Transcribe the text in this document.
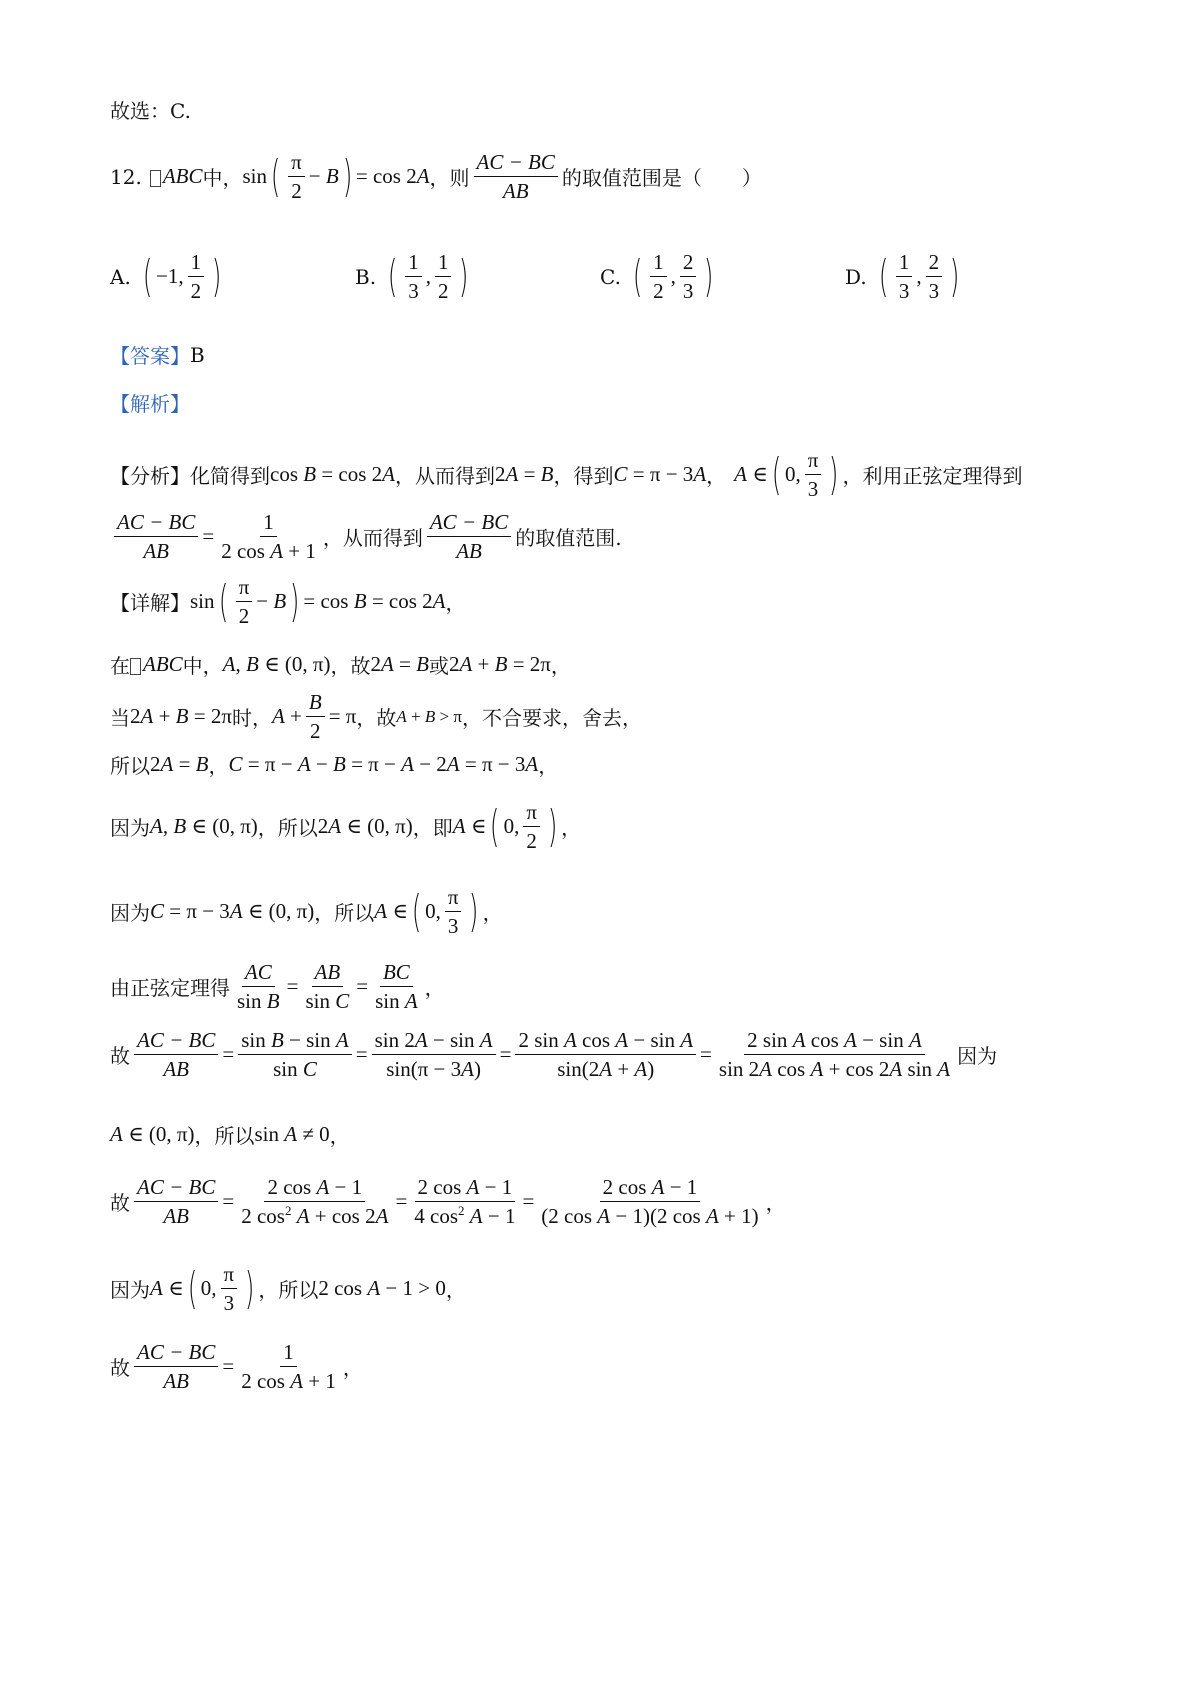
故选：C.
12.	ABC 中， sin ( $\frac{\pi}{2} - B$ ) = cos 2 A ， 则 $\frac{AC - BC}{AB}$ 的取值范围是（　　）
A. ( −1, $\frac{1}{2}$ )	B. ( $\frac{1}{3}$ , $\frac{1}{2}$ )	C. ( $\frac{1}{2}$ , $\frac{2}{3}$ )	D. ( $\frac{1}{3}$ , $\frac{2}{3}$ )
【答案】 B
【解析】
【分析】 化简得到 cos B = cos 2A ，从而得到 2A = B ，得到 C = π − 3A ， A ∈ ( 0, $\frac{\pi}{3}$ ) ，利用正弦定理得到
$\frac{AC - BC}{AB} = \frac{1}{\text{2 cos A + 1}}$ ，从而得到 $\frac{AC - BC}{AB}$ 的取值范围.
【详解】 sin ( $\frac{\pi}{2} - B$ ) = cos B = cos 2 A ，
在 ABC 中， A, B ∈ (0, π) ，故 2A = B 或 2A + B = 2π ，
当 2A + B = 2π 时， $A + \frac{B}{2} = \pi$ ，故 A + B > π ，不合要求，舍去，
所以 2A = B ， C = π − A − B = π − A − 2A = π − 3A ，
因为 A, B ∈ (0, π) ，所以 2A ∈ (0, π) ，即 A ∈ ( 0, $\frac{\pi}{2}$ ) ，
因为 C = π − 3A ∈ (0, π) ，所以 A ∈ ( 0, $\frac{\pi}{3}$ ) ，
由正弦定理得 $\frac{AC}{\text{sin B}} = \frac{AB}{\text{sin C}} = \frac{BC}{\text{sin A}}$ ，
故 $\frac{AC - BC}{AB} = \frac{\text{sin B − sin A}}{\text{sin C}} = \frac{\text{sin 2A − sin A}}{\sin(\pi - 3A)} = \frac{\text{2 sin A cos A − sin A}}{\sin(2A + A)} = \frac{\text{2 sin A cos A − sin A}}{\text{sin 2A cos A + cos 2A sin A}}$ 因为
A ∈ (0, π) ，所以 sin A ≠ 0 ，
故 $\frac{AC - BC}{AB} = \frac{\text{2 cos A − 1}}{2 \cos^2 A + \cos 2A} = \frac{\text{2 cos A − 1}}{4 \cos^2 A - 1} = \frac{\text{2 cos A − 1}}{\text{(2 cos A − 1)(2 cos A + 1)}}$ ，
因为 A ∈ ( 0, $\frac{\pi}{3}$ ) ，所以 2 cos A − 1 > 0 ，
故 $\frac{AC - BC}{AB} = \frac{1}{\text{2 cos A + 1}}$ ，
